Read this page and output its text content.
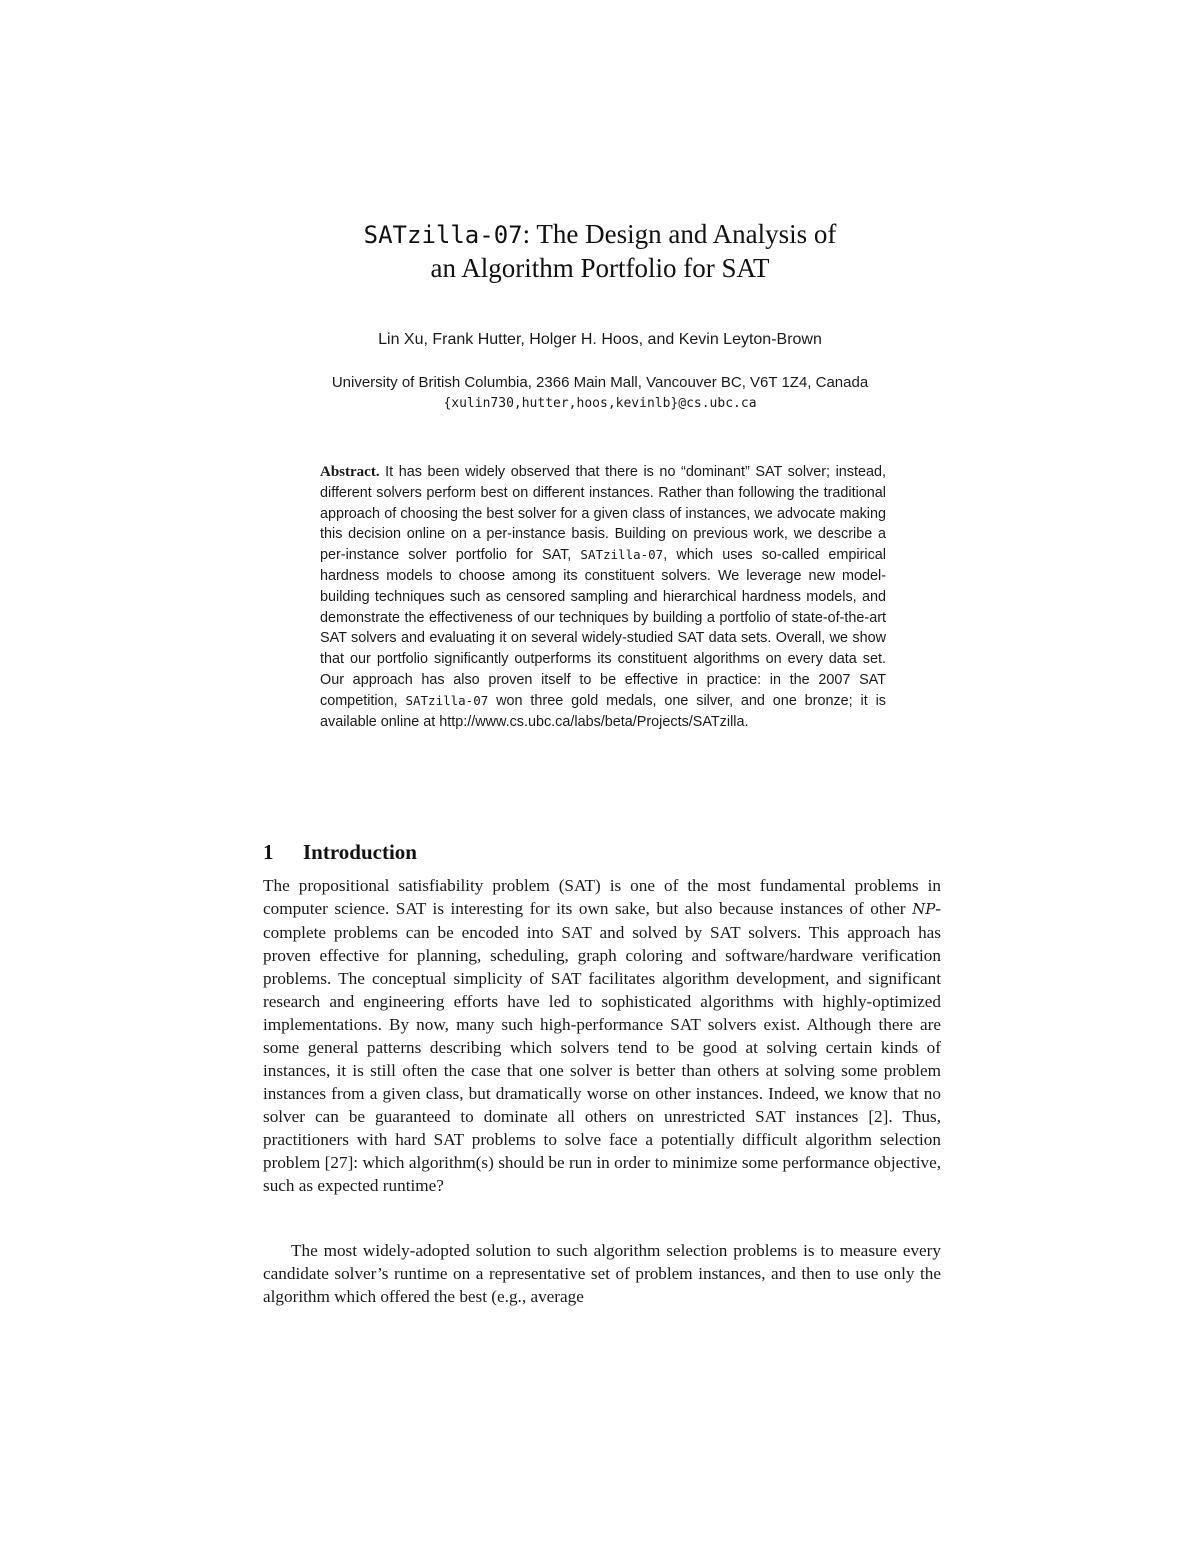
SATzilla-07: The Design and Analysis of
an Algorithm Portfolio for SAT
Lin Xu, Frank Hutter, Holger H. Hoos, and Kevin Leyton-Brown
University of British Columbia, 2366 Main Mall, Vancouver BC, V6T 1Z4, Canada
{xulin730,hutter,hoos,kevinlb}@cs.ubc.ca
Abstract. It has been widely observed that there is no “dominant” SAT solver; instead, different solvers perform best on different instances. Rather than following the traditional approach of choosing the best solver for a given class of instances, we advocate making this decision online on a per-instance basis. Building on previous work, we describe a per-instance solver portfolio for SAT, SATzilla-07, which uses so-called empirical hardness models to choose among its constituent solvers. We leverage new model-building techniques such as censored sampling and hierarchical hardness models, and demonstrate the effectiveness of our techniques by building a portfolio of state-of-the-art SAT solvers and evaluating it on several widely-studied SAT data sets. Overall, we show that our portfolio significantly outperforms its constituent algorithms on every data set. Our approach has also proven itself to be effective in practice: in the 2007 SAT competition, SATzilla-07 won three gold medals, one silver, and one bronze; it is available online at http://www.cs.ubc.ca/labs/beta/Projects/SATzilla.
1 Introduction

The propositional satisfiability problem (SAT) is one of the most fundamental problems in computer science. SAT is interesting for its own sake, but also because instances of other NP-complete problems can be encoded into SAT and solved by SAT solvers. This approach has proven effective for planning, scheduling, graph coloring and software/hardware verification problems. The conceptual simplicity of SAT facilitates algorithm development, and significant research and engineering efforts have led to sophisticated algorithms with highly-optimized implementations. By now, many such high-performance SAT solvers exist. Although there are some general patterns describing which solvers tend to be good at solving certain kinds of instances, it is still often the case that one solver is better than others at solving some problem instances from a given class, but dramatically worse on other instances. Indeed, we know that no solver can be guaranteed to dominate all others on unrestricted SAT instances [2]. Thus, practitioners with hard SAT problems to solve face a potentially difficult algorithm selection problem [27]: which algorithm(s) should be run in order to minimize some performance objective, such as expected runtime?

The most widely-adopted solution to such algorithm selection problems is to measure every candidate solver’s runtime on a representative set of problem instances, and then to use only the algorithm which offered the best (e.g., average
